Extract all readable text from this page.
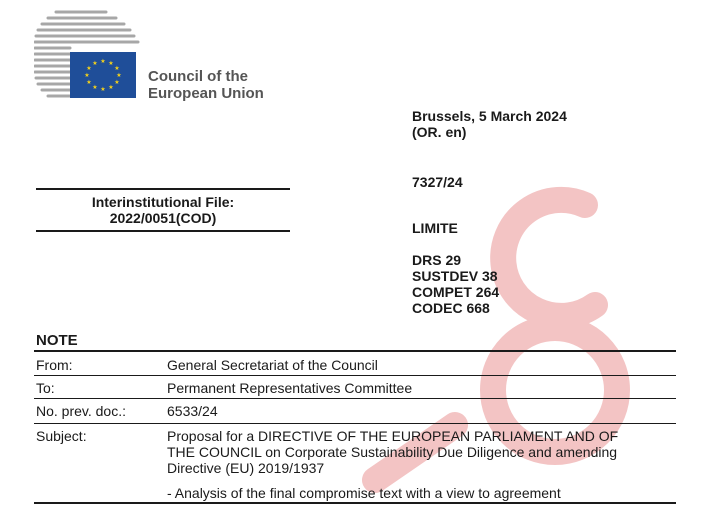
★ ★
★
★
★
★
★
★
★
★
★
★
Council of the
European Union
Brussels, 5 March 2024
(OR. en)
7327/24
LIMITE
DRS 29
SUSTDEV 38
COMPET 264
CODEC 668
Interinstitutional File:
2022/0051(COD)
NOTE
From:	General Secretariat of the Council
To:	Permanent Representatives Committee
No. prev. doc.:	6533/24
Subject:	Proposal for a DIRECTIVE OF THE EUROPEAN PARLIAMENT AND OF
THE COUNCIL on Corporate Sustainability Due Diligence and amending
Directive (EU) 2019/1937
- Analysis of the final compromise text with a view to agreement
